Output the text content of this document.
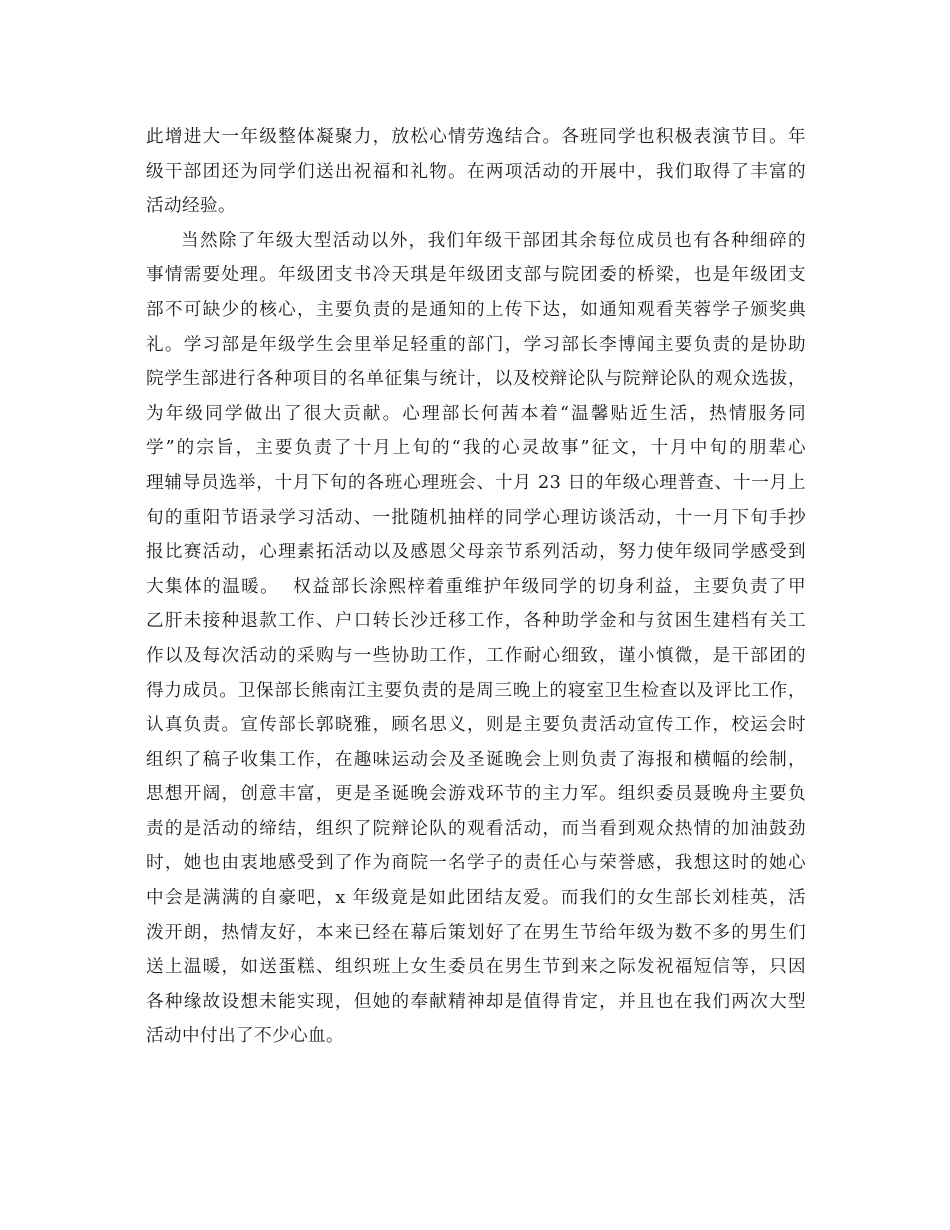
此增进大一年级整体凝聚力，放松心情劳逸结合。各班同学也积极表演节目。年
级干部团还为同学们送出祝福和礼物。在两项活动的开展中，我们取得了丰富的
活动经验。
当然除了年级大型活动以外，我们年级干部团其余每位成员也有各种细碎的
事情需要处理。年级团支书冷天琪是年级团支部与院团委的桥梁，也是年级团支
部不可缺少的核心，主要负责的是通知的上传下达，如通知观看芙蓉学子颁奖典
礼。学习部是年级学生会里举足轻重的部门，学习部长李博闻主要负责的是协助
院学生部进行各种项目的名单征集与统计，以及校辩论队与院辩论队的观众选拔，
为年级同学做出了很大贡献。心理部长何茜本着“温馨贴近生活，热情服务同
学”的宗旨，主要负责了十月上旬的“我的心灵故事”征文，十月中旬的朋辈心
理辅导员选举，十月下旬的各班心理班会、十月 23 日的年级心理普查、十一月上
旬的重阳节语录学习活动、一批随机抽样的同学心理访谈活动，十一月下旬手抄
报比赛活动，心理素拓活动以及感恩父母亲节系列活动，努力使年级同学感受到
大集体的温暖。  权益部长涂熙梓着重维护年级同学的切身利益，主要负责了甲
乙肝未接种退款工作、户口转长沙迁移工作，各种助学金和与贫困生建档有关工
作以及每次活动的采购与一些协助工作，工作耐心细致，谨小慎微，是干部团的
得力成员。卫保部长熊南江主要负责的是周三晚上的寝室卫生检查以及评比工作，
认真负责。宣传部长郭晓雅，顾名思义，则是主要负责活动宣传工作，校运会时
组织了稿子收集工作，在趣味运动会及圣诞晚会上则负责了海报和横幅的绘制，
思想开阔，创意丰富，更是圣诞晚会游戏环节的主力军。组织委员聂晚舟主要负
责的是活动的缔结，组织了院辩论队的观看活动，而当看到观众热情的加油鼓劲
时，她也由衷地感受到了作为商院一名学子的责任心与荣誉感，我想这时的她心
中会是满满的自豪吧，x 年级竟是如此团结友爱。而我们的女生部长刘桂英，活
泼开朗，热情友好，本来已经在幕后策划好了在男生节给年级为数不多的男生们
送上温暖，如送蛋糕、组织班上女生委员在男生节到来之际发祝福短信等，只因
各种缘故设想未能实现，但她的奉献精神却是值得肯定，并且也在我们两次大型
活动中付出了不少心血。
